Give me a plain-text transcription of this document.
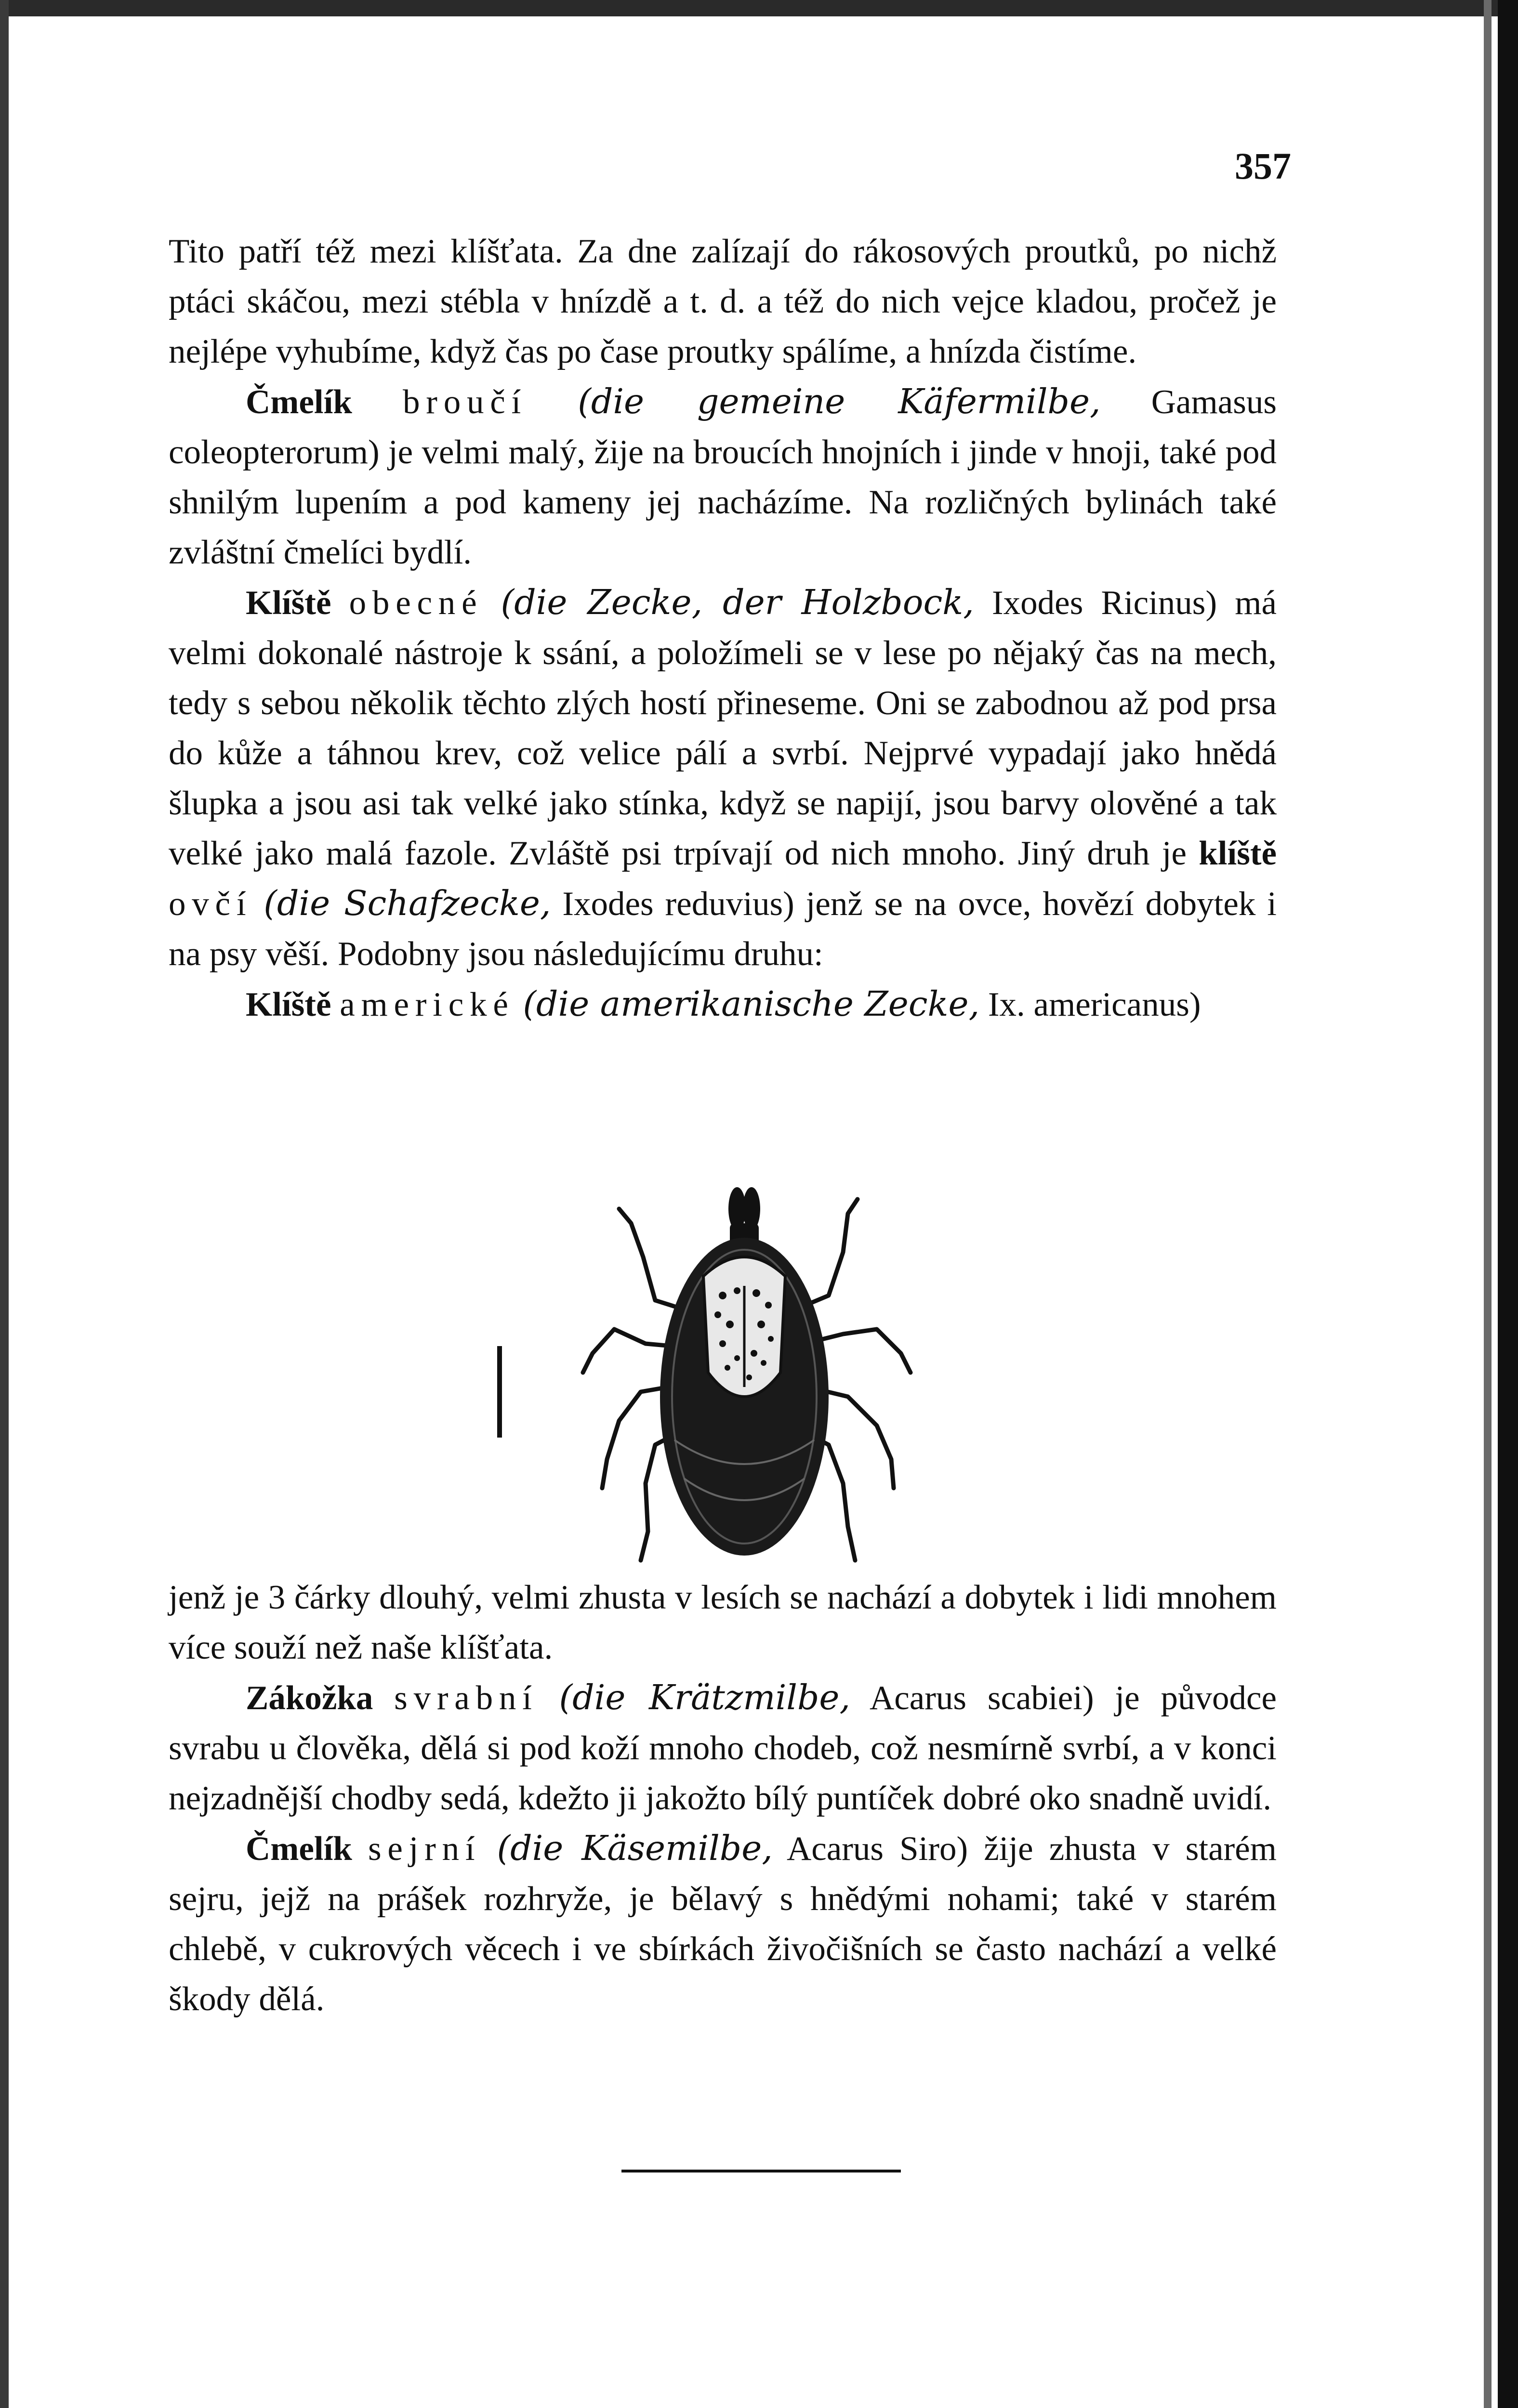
357

Tito patří též mezi klíšťata. Za dne zalízají do rákosových proutků, po nichž ptáci skáčou, mezi stébla v hnízdě a t. d. a též do nich vejce kladou, pročež je nejlépe vyhubíme, když čas po čase proutky spálíme, a hnízda čistíme.

Čmelík broučí (die gemeine Käfermilbe, Gamasus coleopterorum) je velmi malý, žije na broucích hnojních i jinde v hnoji, také pod shnilým lupením a pod kameny jej nacházíme. Na rozličných bylinách také zvláštní čmelíci bydlí.

Klíště obecné (die Zecke, der Holzbock, Ixodes Ricinus) má velmi dokonalé nástroje k ssání, a položímeli se v lese po nějaký čas na mech, tedy s sebou několik těchto zlých hostí přineseme. Oni se zabodnou až pod prsa do kůže a táhnou krev, což velice pálí a svrbí. Nejprvé vypadají jako hnědá šlupka a jsou asi tak velké jako stínka, když se napijí, jsou barvy olověné a tak velké jako malá fazole. Zvláště psi trpívají od nich mnoho. Jiný druh je klíště ovčí (die Schafzecke, Ixodes reduvius) jenž se na ovce, hovězí dobytek i na psy věší. Podobny jsou následujícímu druhu:

Klíště americké (die amerikanische Zecke, Ix. americanus)

jenž je 3 čárky dlouhý, velmi zhusta v lesích se nachází a dobytek i lidi mnohem více souží než naše klíšťata.

Zákožka svrabní (die Krätzmilbe, Acarus scabiei) je původce svrabu u člověka, dělá si pod koží mnoho chodeb, což nesmírně svrbí, a v konci nejzadnější chodby sedá, kdežto ji jakožto bílý puntíček dobré oko snadně uvidí.

Čmelík sejrní (die Käsemilbe, Acarus Siro) žije zhusta v starém sejru, jejž na prášek rozhryže, je bělavý s hnědými nohami; také v starém chlebě, v cukrových věcech i ve sbírkách živočišních se často nachází a velké škody dělá.
